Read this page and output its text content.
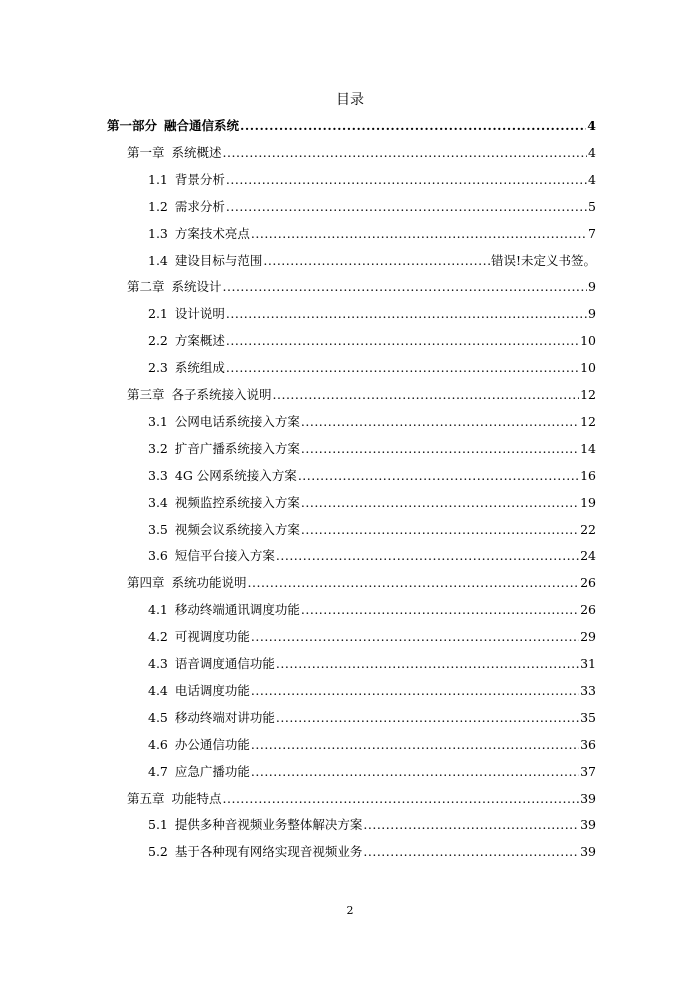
目录
第一部分 融合通信系统 .....	4
第一章 系统概述 .....	4
1.1 背景分析 .....	4
1.2 需求分析 .....	5
1.3 方案技术亮点 .....	7
1.4 建设目标与范围 .....	错误!未定义书签。
第二章 系统设计 .....	9
2.1 设计说明 .....	9
2.2 方案概述 .....	10
2.3 系统组成 .....	10
第三章 各子系统接入说明 .....	12
3.1 公网电话系统接入方案 .....	12
3.2 扩音广播系统接入方案 .....	14
3.3 4G 公网系统接入方案 .....	16
3.4 视频监控系统接入方案 .....	19
3.5 视频会议系统接入方案 .....	22
3.6 短信平台接入方案 .....	24
第四章 系统功能说明 .....	26
4.1 移动终端通讯调度功能 .....	26
4.2 可视调度功能 .....	29
4.3 语音调度通信功能 .....	31
4.4 电话调度功能 .....	33
4.5 移动终端对讲功能 .....	35
4.6 办公通信功能 .....	36
4.7 应急广播功能 .....	37
第五章 功能特点 .....	39
5.1 提供多种音视频业务整体解决方案 .....	39
5.2 基于各种现有网络实现音视频业务 .....	39
2
